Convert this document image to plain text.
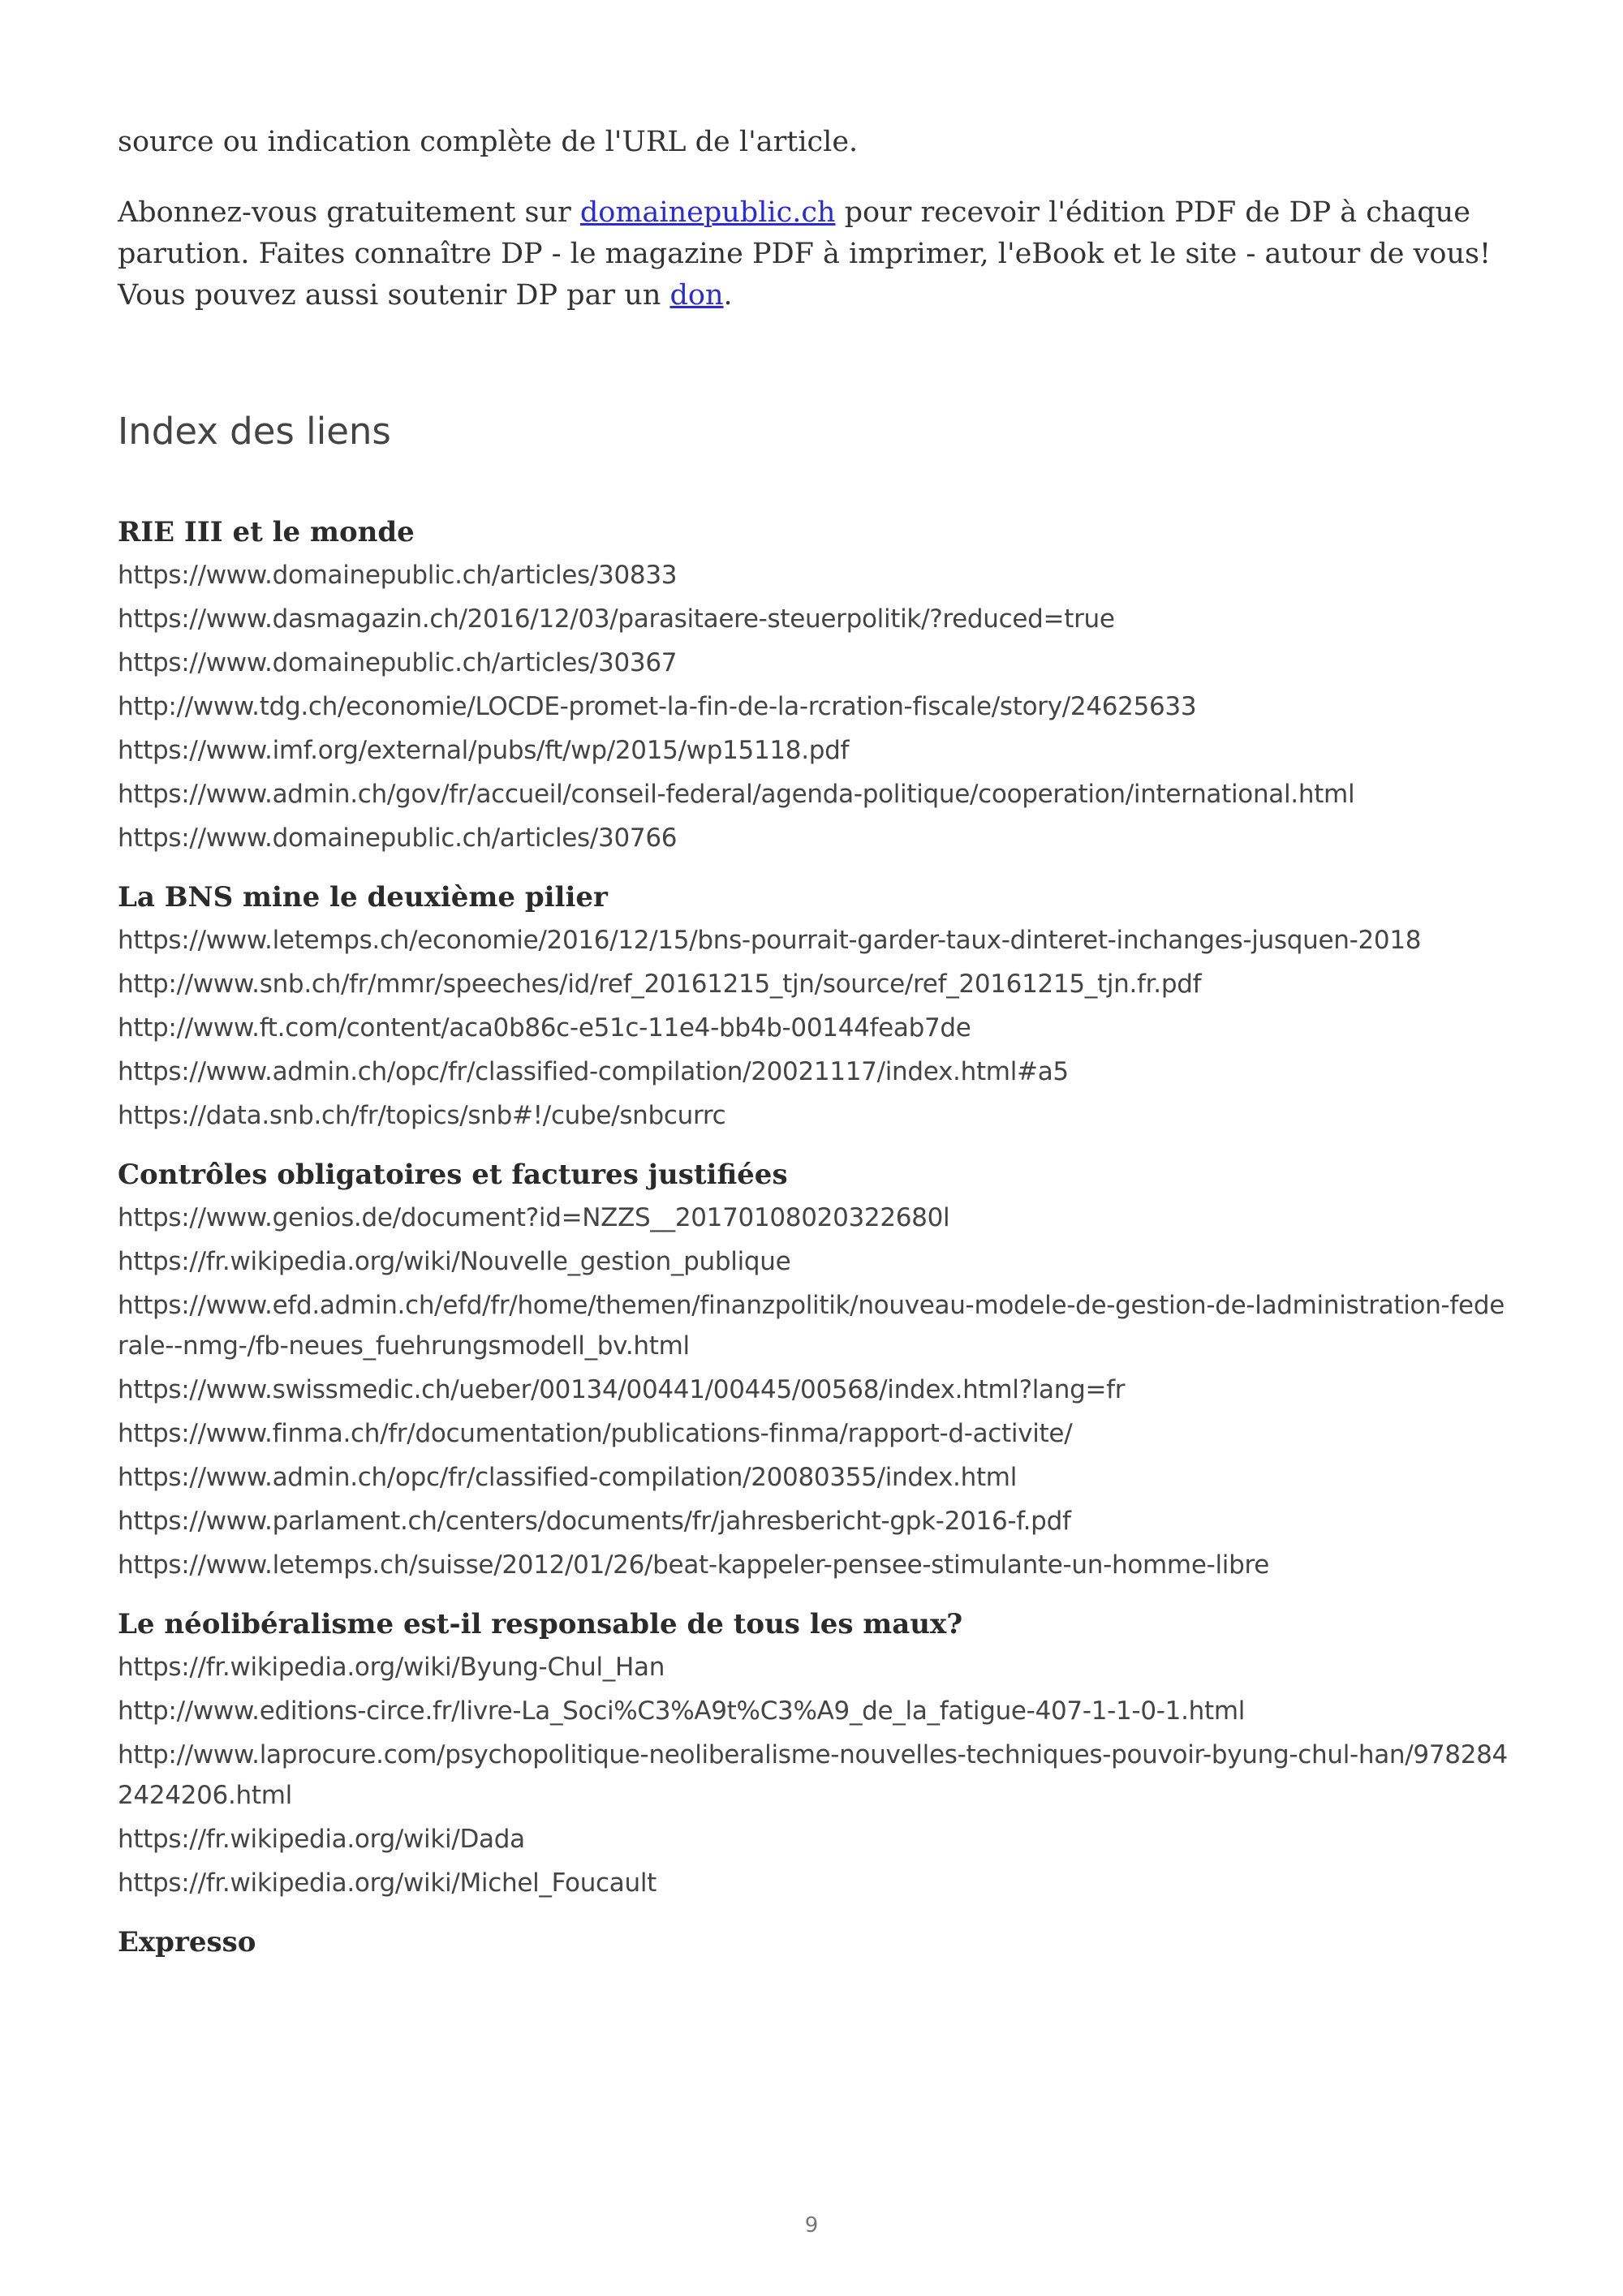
source ou indication complète de l'URL de l'article.

Abonnez-vous gratuitement sur domainepublic.ch pour recevoir l'édition PDF de DP à chaque parution. Faites connaître DP - le magazine PDF à imprimer, l'eBook et le site - autour de vous! Vous pouvez aussi soutenir DP par un don.

Index des liens
RIE III et le monde
https://www.domainepublic.ch/articles/30833
https://www.dasmagazin.ch/2016/12/03/parasitaere-steuerpolitik/?reduced=true
https://www.domainepublic.ch/articles/30367
http://www.tdg.ch/economie/LOCDE-promet-la-fin-de-la-rcration-fiscale/story/24625633
https://www.imf.org/external/pubs/ft/wp/2015/wp15118.pdf
https://www.admin.ch/gov/fr/accueil/conseil-federal/agenda-politique/cooperation/international.html
https://www.domainepublic.ch/articles/30766
La BNS mine le deuxième pilier
https://www.letemps.ch/economie/2016/12/15/bns-pourrait-garder-taux-dinteret-inchanges-jusquen-2018
http://www.snb.ch/fr/mmr/speeches/id/ref_20161215_tjn/source/ref_20161215_tjn.fr.pdf
http://www.ft.com/content/aca0b86c-e51c-11e4-bb4b-00144feab7de
https://www.admin.ch/opc/fr/classified-compilation/20021117/index.html#a5
https://data.snb.ch/fr/topics/snb#!/cube/snbcurrc
Contrôles obligatoires et factures justifiées
https://www.genios.de/document?id=NZZS__20170108020322680l
https://fr.wikipedia.org/wiki/Nouvelle_gestion_publique
https://www.efd.admin.ch/efd/fr/home/themen/finanzpolitik/nouveau-modele-de-gestion-de-ladministration-federale--nmg-/fb-neues_fuehrungsmodell_bv.html
https://www.swissmedic.ch/ueber/00134/00441/00445/00568/index.html?lang=fr
https://www.finma.ch/fr/documentation/publications-finma/rapport-d-activite/
https://www.admin.ch/opc/fr/classified-compilation/20080355/index.html
https://www.parlament.ch/centers/documents/fr/jahresbericht-gpk-2016-f.pdf
https://www.letemps.ch/suisse/2012/01/26/beat-kappeler-pensee-stimulante-un-homme-libre
Le néolibéralisme est-il responsable de tous les maux?
https://fr.wikipedia.org/wiki/Byung-Chul_Han
http://www.editions-circe.fr/livre-La_Soci%C3%A9t%C3%A9_de_la_fatigue-407-1-1-0-1.html
http://www.laprocure.com/psychopolitique-neoliberalisme-nouvelles-techniques-pouvoir-byung-chul-han/9782842424206.html
https://fr.wikipedia.org/wiki/Dada
https://fr.wikipedia.org/wiki/Michel_Foucault
Expresso
9
